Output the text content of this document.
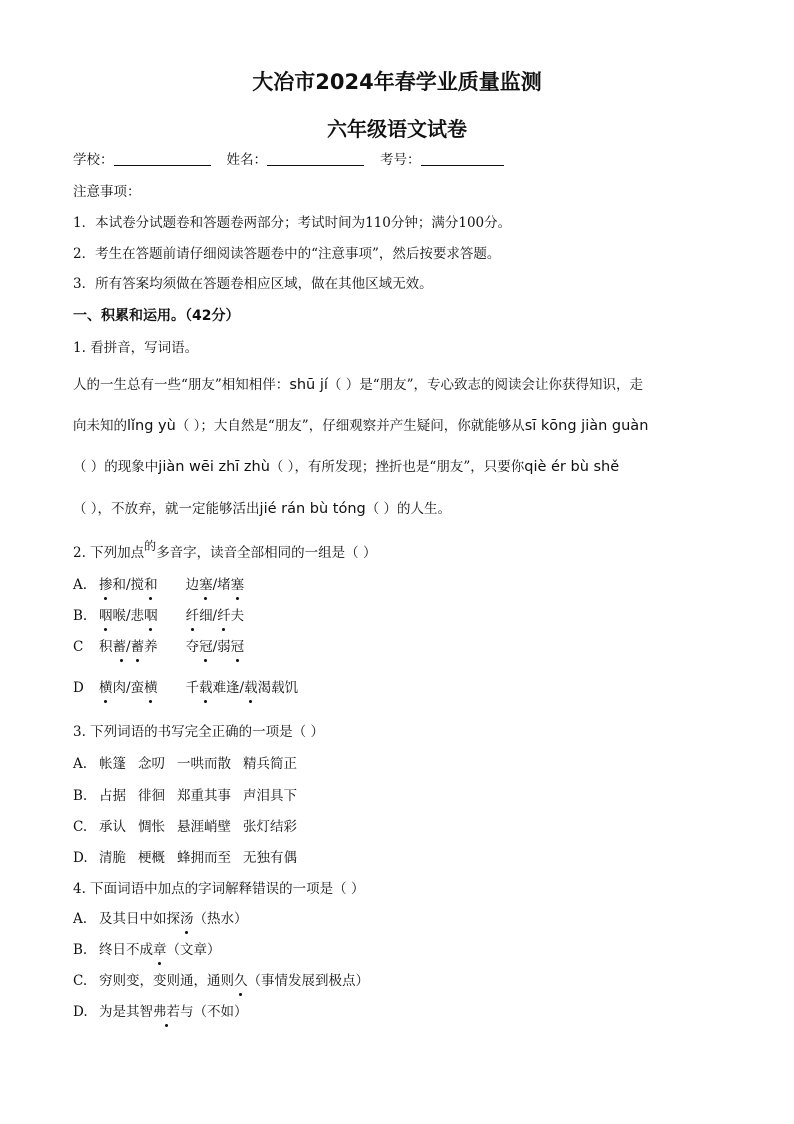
大冶市2024年春学业质量监测
六年级语文试卷
学校：	姓名：	考号：
注意事项：
1．本试卷分试题卷和答题卷两部分；考试时间为110分钟；满分100分。
2．考生在答题前请仔细阅读答题卷中的“注意事项”，然后按要求答题。
3．所有答案均须做在答题卷相应区域，做在其他区域无效。
一、积累和运用。（42分）
1. 看拼音，写词语。
人的一生总有一些“朋友”相知相伴：shū jí（ ）是“朋友”，专心致志的阅读会让你获得知识，走
向未知的lǐng yù（ ）；大自然是“朋友”，仔细观察并产生疑问，你就能够从sī kōng jiàn guàn
（ ）的现象中jiàn wēi zhī zhù（ ），有所发现；挫折也是“朋友”，只要你qiè ér bù shě
（ ），不放弃，就一定能够活出jié rán bù tóng（ ）的人生。
2. 下列加点的多音字，读音全部相同的一组是（ ）
A. 掺和/搅和 边塞/堵塞
B. 咽喉/悲咽 纤细/纤夫
C 积蓄/蓄养 夺冠/弱冠
D 横肉/蛮横 千载难逢/载渴载饥
3. 下列词语的书写完全正确的一项是（ ）
A. 帐篷 念叨 一哄而散 精兵简正
B. 占据 徘徊 郑重其事 声泪具下
C. 承认 惆怅 悬涯峭壁 张灯结彩
D. 清脆 梗概 蜂拥而至 无独有偶
4. 下面词语中加点的字词解释错误的一项是（ ）
A. 及其日中如探汤（热水）
B. 终日不成章（文章）
C. 穷则变，变则通，通则久（事情发展到极点）
D. 为是其智弗若与（不如）
